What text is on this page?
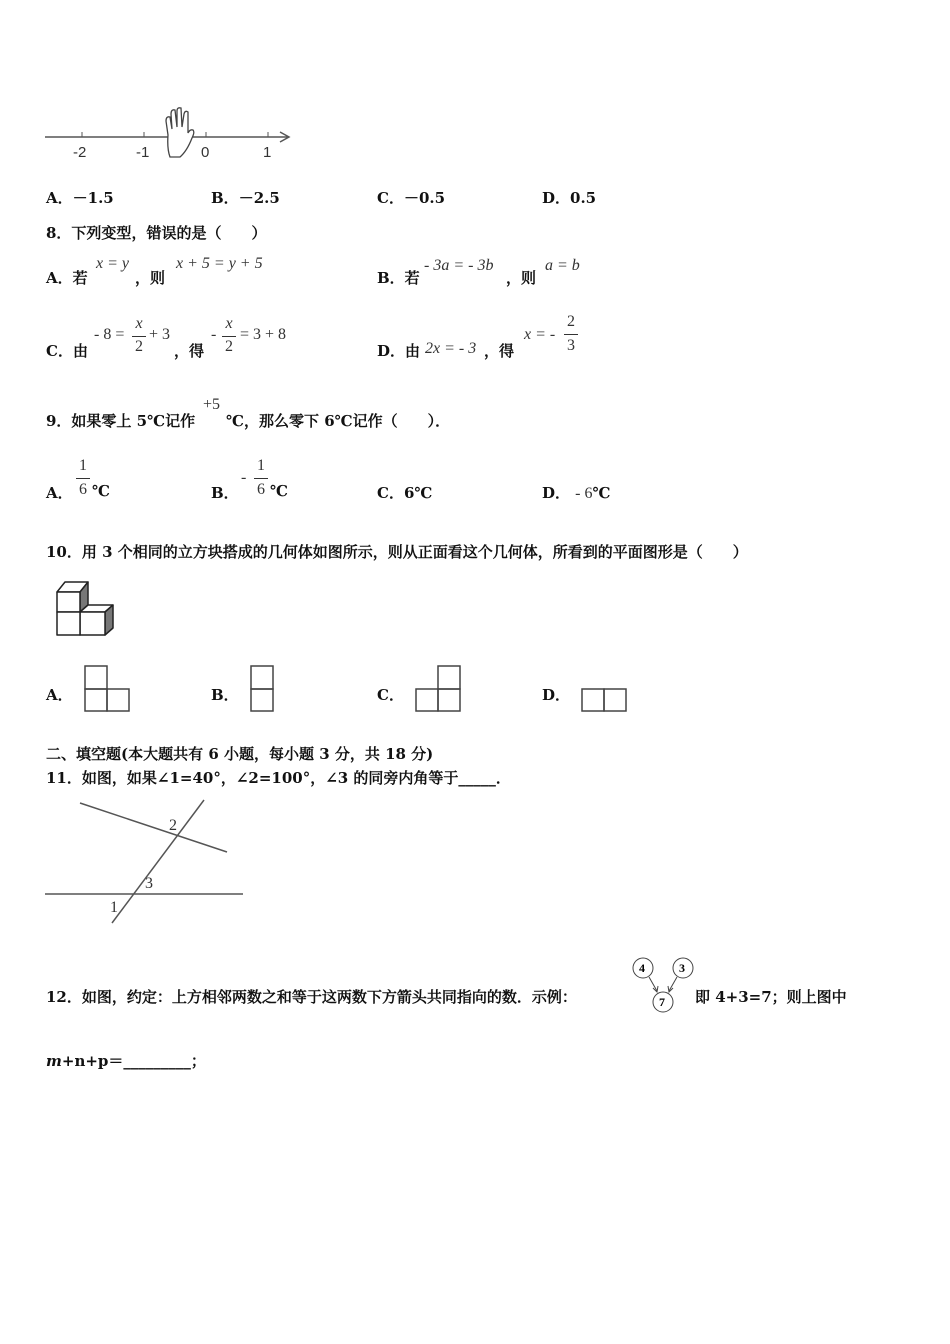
-2	-1	0	1
A．－1.5	B．－2.5	C．－0.5	D．0.5
8．下列变型，错误的是（　　）
A．若
x = y
，则
x + 5 = y + 5
B．若
- 3a = - 3b
，则
a = b
C．由
- 8 =
x
2
+ 3
，得
-
x
2
= 3 + 8
D．由 2x = - 3 ，得
x = -
2
3
9．如果零上 5℃记作
+5
℃，那么零下 6℃记作（　　）．
A．
1
6 ℃	B．
-
1
6 ℃	C．6℃	D． - 6℃
10．用 3 个相同的立方块搭成的几何体如图所示，则从正面看这个几何体，所看到的平面图形是（　　）
A．	B．	C．	D．
二、填空题(本大题共有 6 小题，每小题 3 分，共 18 分)
11．如图，如果∠1=40°，∠2=100°，∠3 的同旁内角等于_____．
2
3
1
12．如图，约定：上方相邻两数之和等于这两数下方箭头共同指向的数．示例：
4	3
7 即 4+3=7；则上图中
m+n+p＝_________；
